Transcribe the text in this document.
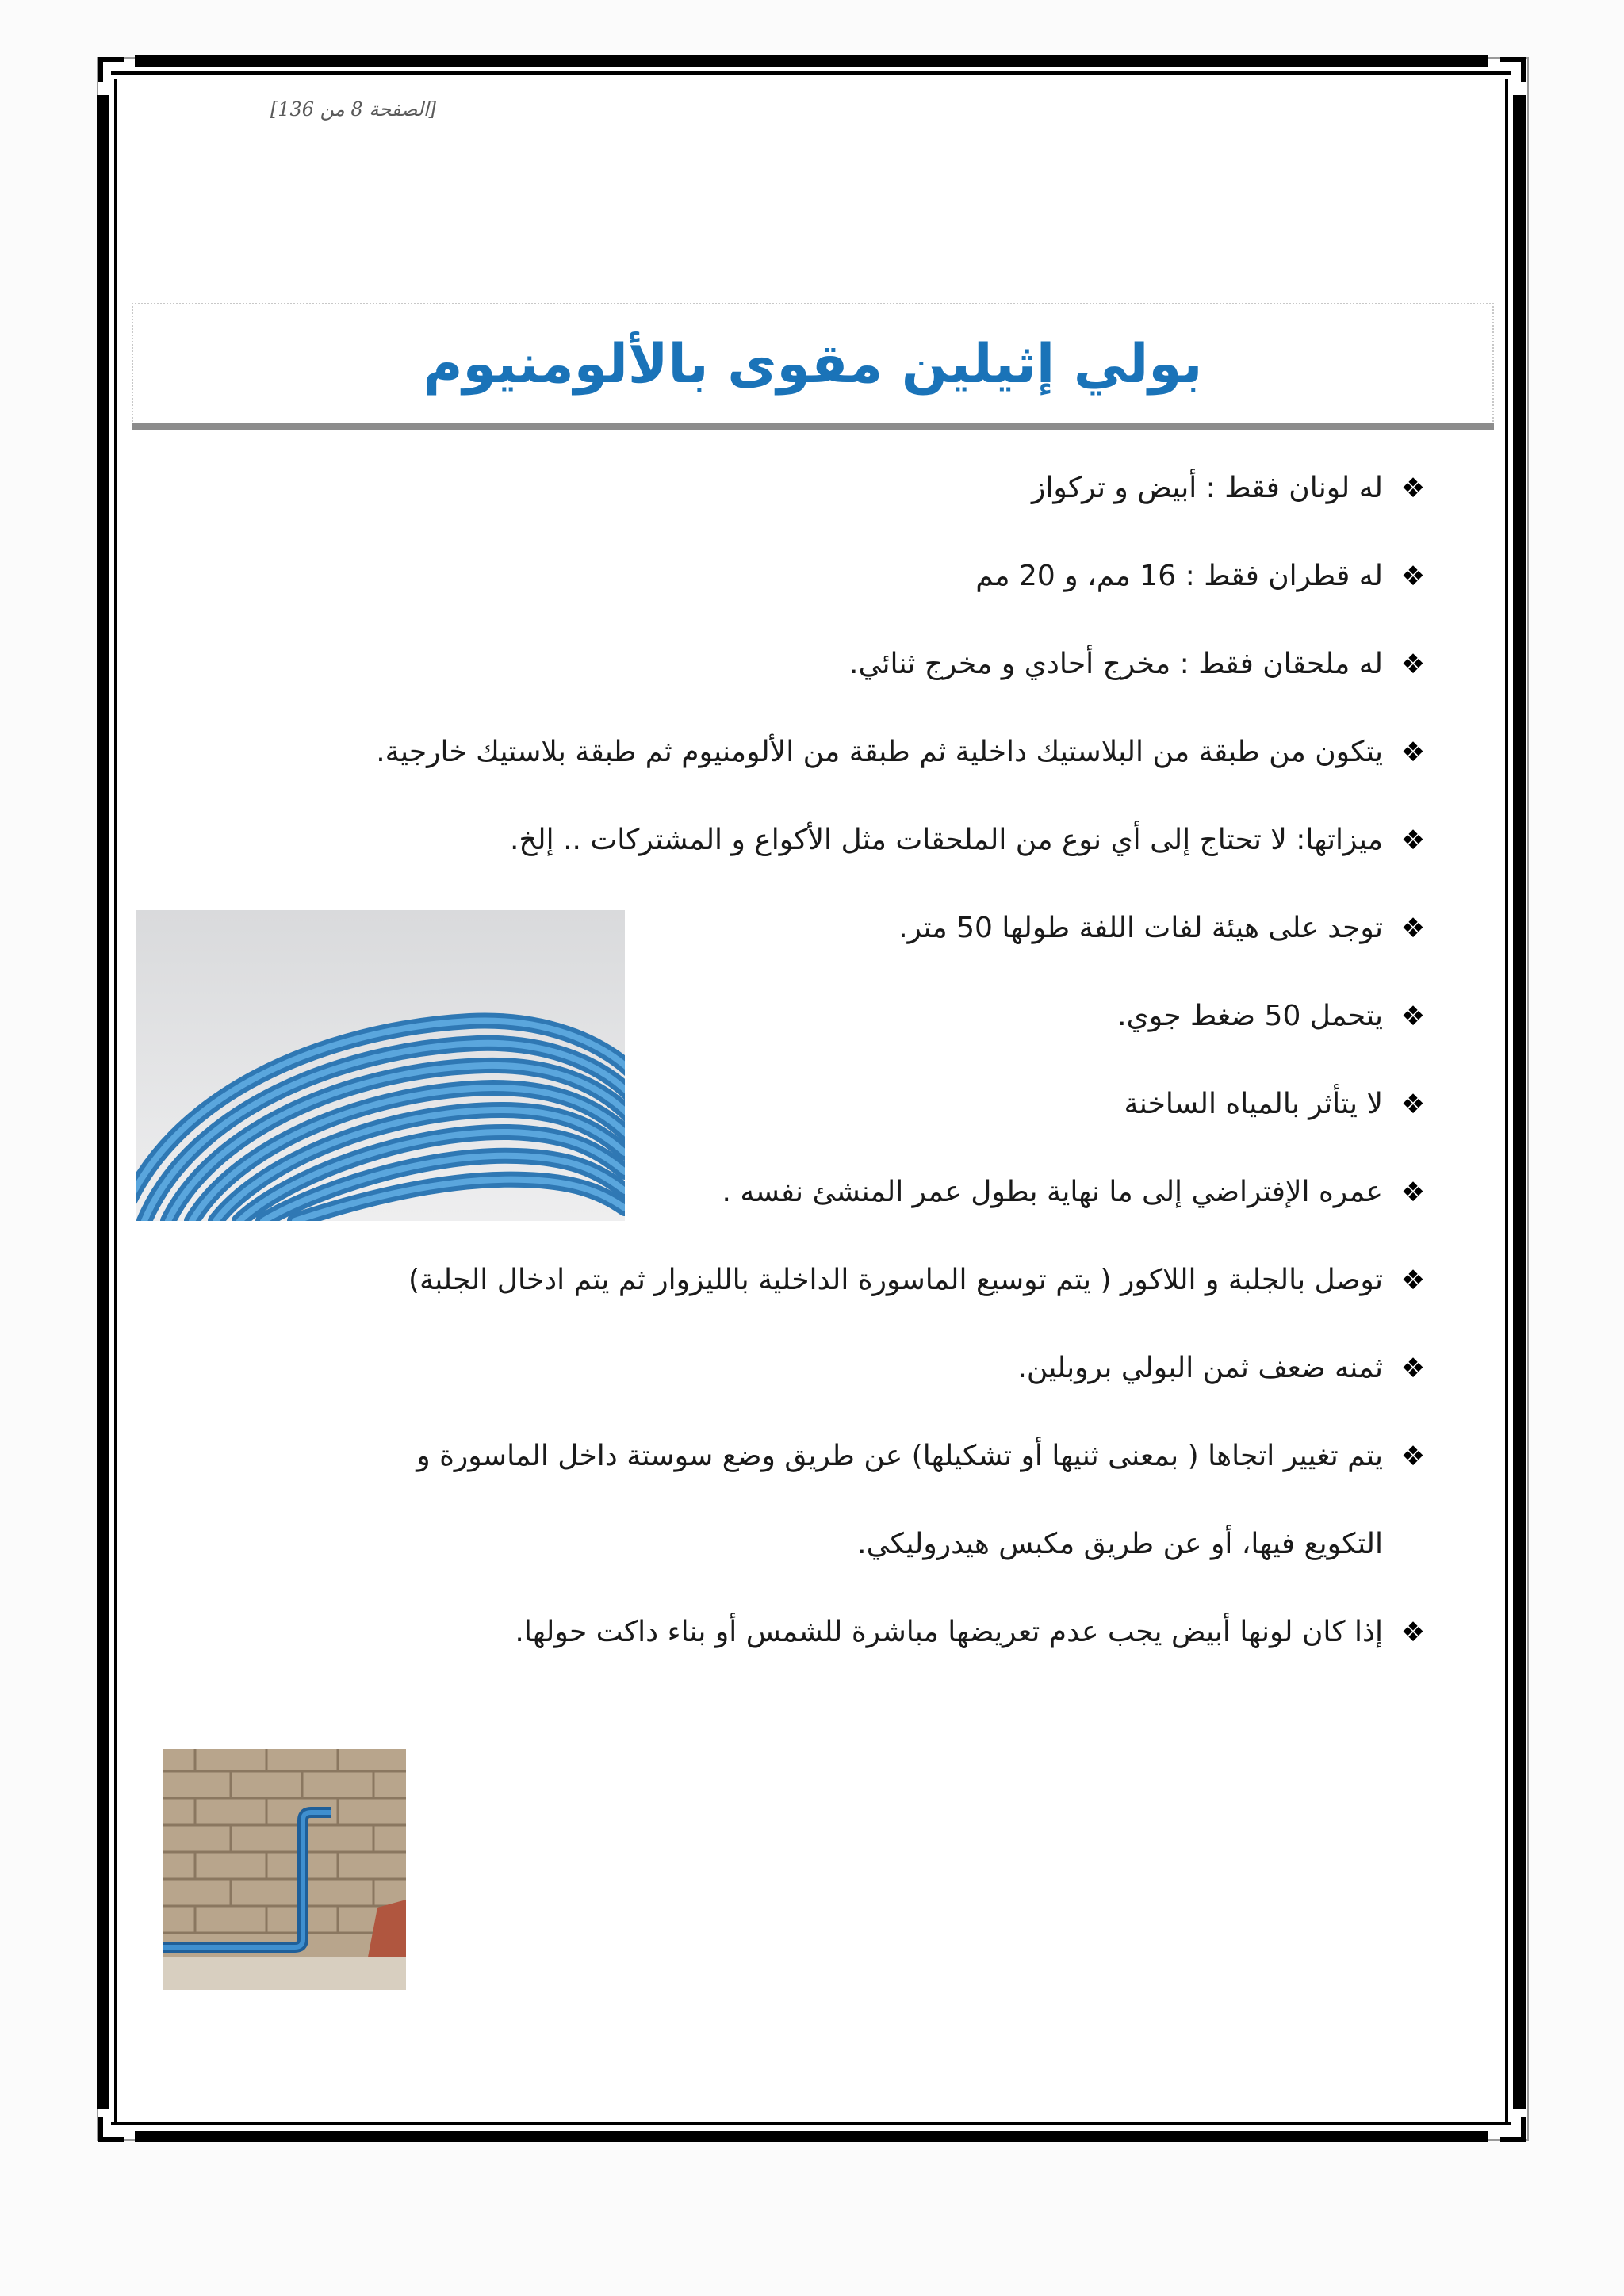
[الصفحة 8 من 136]
بولي إثيلين مقوى بالألومنيوم
❖له لونان فقط : أبيض و تركواز
❖له قطران فقط : 16 مم، و 20 مم
❖له ملحقان فقط : مخرج أحادي و مخرج ثنائي.
❖يتكون من طبقة من البلاستيك داخلية ثم طبقة من الألومنيوم ثم طبقة بلاستيك خارجية.
❖ميزاتها: لا تحتاج إلى أي نوع من الملحقات مثل الأكواع و المشتركات .. إلخ.
❖توجد على هيئة لفات اللفة طولها 50 متر.
❖يتحمل 50 ضغط جوي.
❖لا يتأثر بالمياه الساخنة
❖عمره الإفتراضي إلى ما نهاية بطول عمر المنشئ نفسه .
❖توصل بالجلبة و اللاكور ( يتم توسيع الماسورة الداخلية بالليزوار ثم يتم ادخال الجلبة)
❖ثمنه ضعف ثمن البولي بروبلين.
❖يتم تغيير اتجاها ( بمعنى ثنيها أو تشكيلها) عن طريق وضع سوستة داخل الماسورة و
التكويع فيها، أو عن طريق مكبس هيدروليكي.
❖إذا كان لونها أبيض يجب عدم تعريضها مباشرة للشمس أو بناء داكت حولها.
